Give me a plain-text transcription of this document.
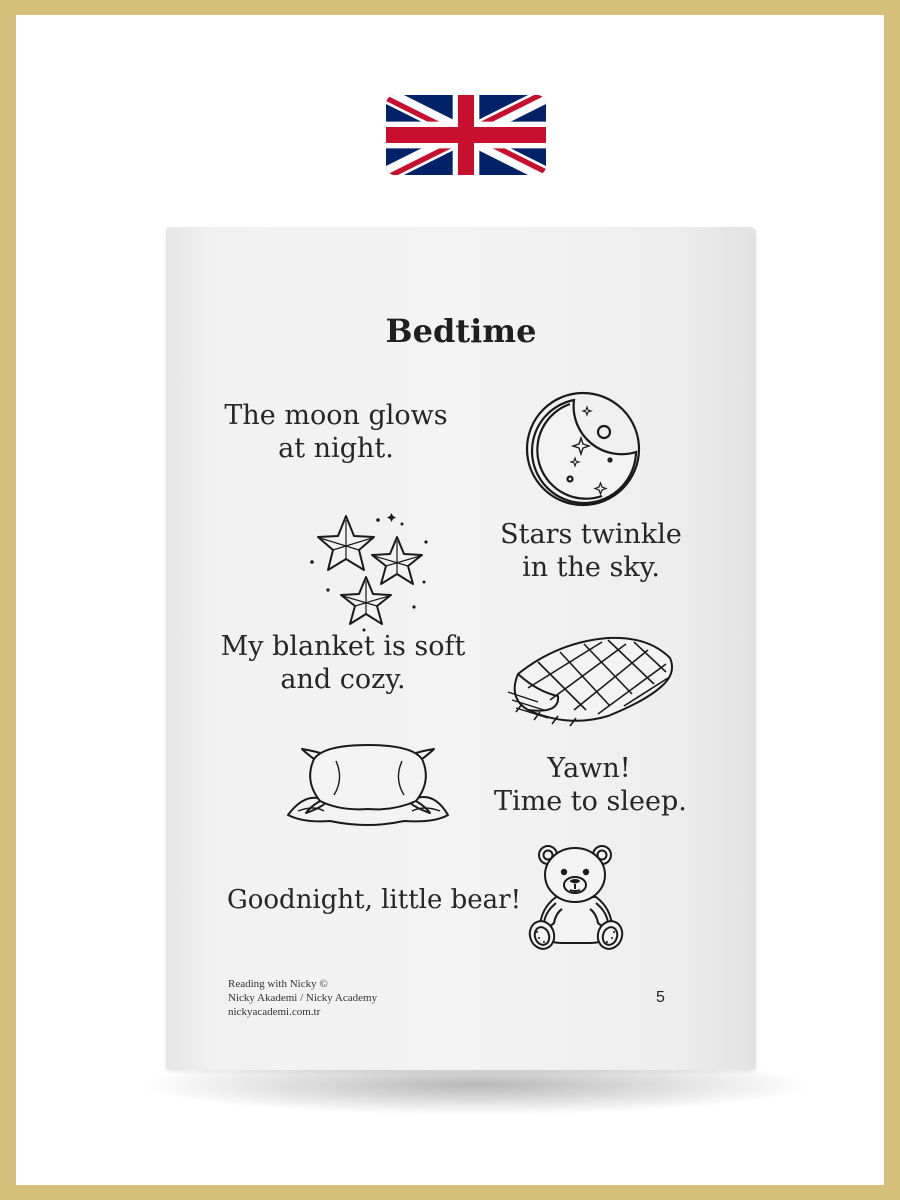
Bedtime
The moon glows
at night.
Stars twinkle
in the sky.
My blanket is soft
and cozy.
Yawn!
Time to sleep.
Goodnight, little bear!
Reading with Nicky ©
Nicky Akademi / Nicky Academy
nickyacademi.com.tr
5
